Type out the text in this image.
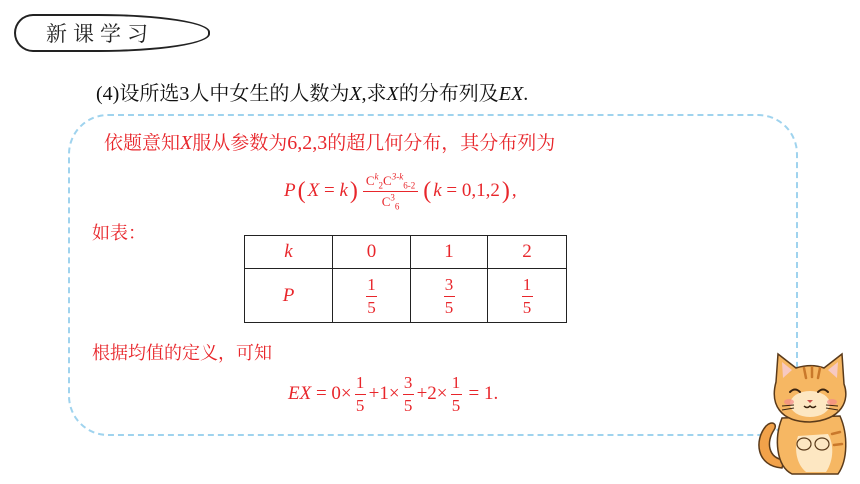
新课学习
(4)设所选3人中女生的人数为X,求X的分布列及EX.
依题意知X服从参数为6,2,3的超几何分布，其分布列为
P ( X = k ) $\frac{C^k_2C^{3-k}_{6-2}}{C^3_6}$ ( k = 0,1,2 ) ,
如表：
k	0	1	2
P	$\frac{1}{5}$	$\frac{3}{5}$	$\frac{1}{5}$
根据均值的定义，可知
EX = 0×
1
5
+1×
3
5
+2×
1
5
= 1.
